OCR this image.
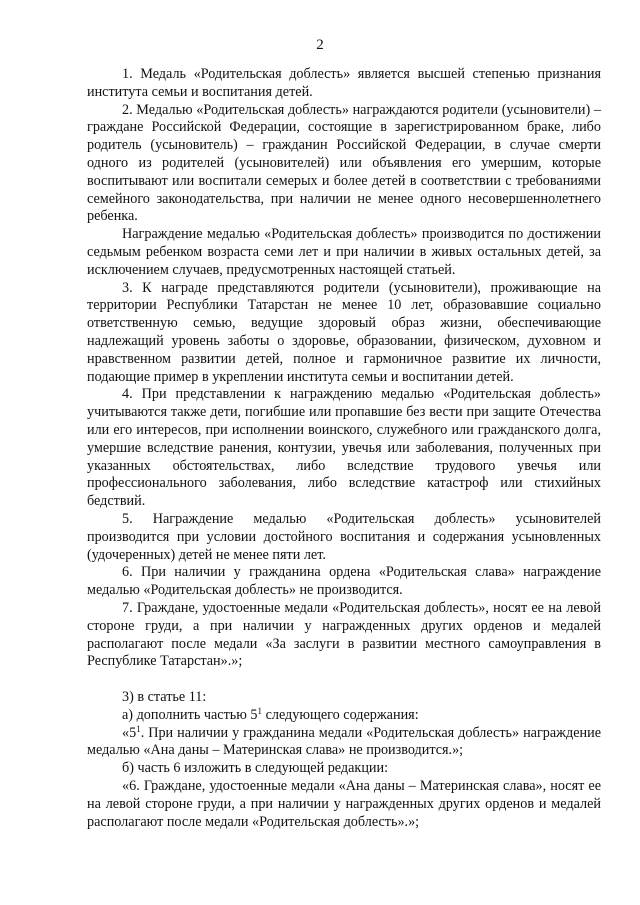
2

1. Медаль «Родительская доблесть» является высшей степенью признания института семьи и воспитания детей.

2. Медалью «Родительская доблесть» награждаются родители (усыновители) – граждане Российской Федерации, состоящие в зарегистрированном браке, либо родитель (усыновитель) – гражданин Российской Федерации, в случае смерти одного из родителей (усыновителей) или объявления его умершим, которые воспитывают или воспитали семерых и более детей в соответствии с требованиями семейного законодательства, при наличии не менее одного несовершеннолетнего ребенка.

Награждение медалью «Родительская доблесть» производится по достижении седьмым ребенком возраста семи лет и при наличии в живых остальных детей, за исключением случаев, предусмотренных настоящей статьей.

3. К награде представляются родители (усыновители), проживающие на территории Республики Татарстан не менее 10 лет, образовавшие социально ответственную семью, ведущие здоровый образ жизни, обеспечивающие надлежащий уровень заботы о здоровье, образовании, физическом, духовном и нравственном развитии детей, полное и гармоничное развитие их личности, подающие пример в укреплении института семьи и воспитании детей.

4. При представлении к награждению медалью «Родительская доблесть» учитываются также дети, погибшие или пропавшие без вести при защите Отечества или его интересов, при исполнении воинского, служебного или гражданского долга, умершие вследствие ранения, контузии, увечья или заболевания, полученных при указанных обстоятельствах, либо вследствие трудового увечья или профессионального заболевания, либо вследствие катастроф или стихийных бедствий.

5. Награждение медалью «Родительская доблесть» усыновителей производится при условии достойного воспитания и содержания усыновленных (удочеренных) детей не менее пяти лет.

6. При наличии у гражданина ордена «Родительская слава» награждение медалью «Родительская доблесть» не производится.

7. Граждане, удостоенные медали «Родительская доблесть», носят ее на левой стороне груди, а при наличии у награжденных других орденов и медалей располагают после медали «За заслуги в развитии местного самоуправления в Республике Татарстан».»;

3) в статье 11:

а) дополнить частью $5^1$ следующего содержания:

«$5^1$. При наличии у гражданина медали «Родительская доблесть» награждение медалью «Ана даны – Материнская слава» не производится.»;

б) часть 6 изложить в следующей редакции:

«6. Граждане, удостоенные медали «Ана даны – Материнская слава», носят ее на левой стороне груди, а при наличии у награжденных других орденов и медалей располагают после медали «Родительская доблесть».»;
